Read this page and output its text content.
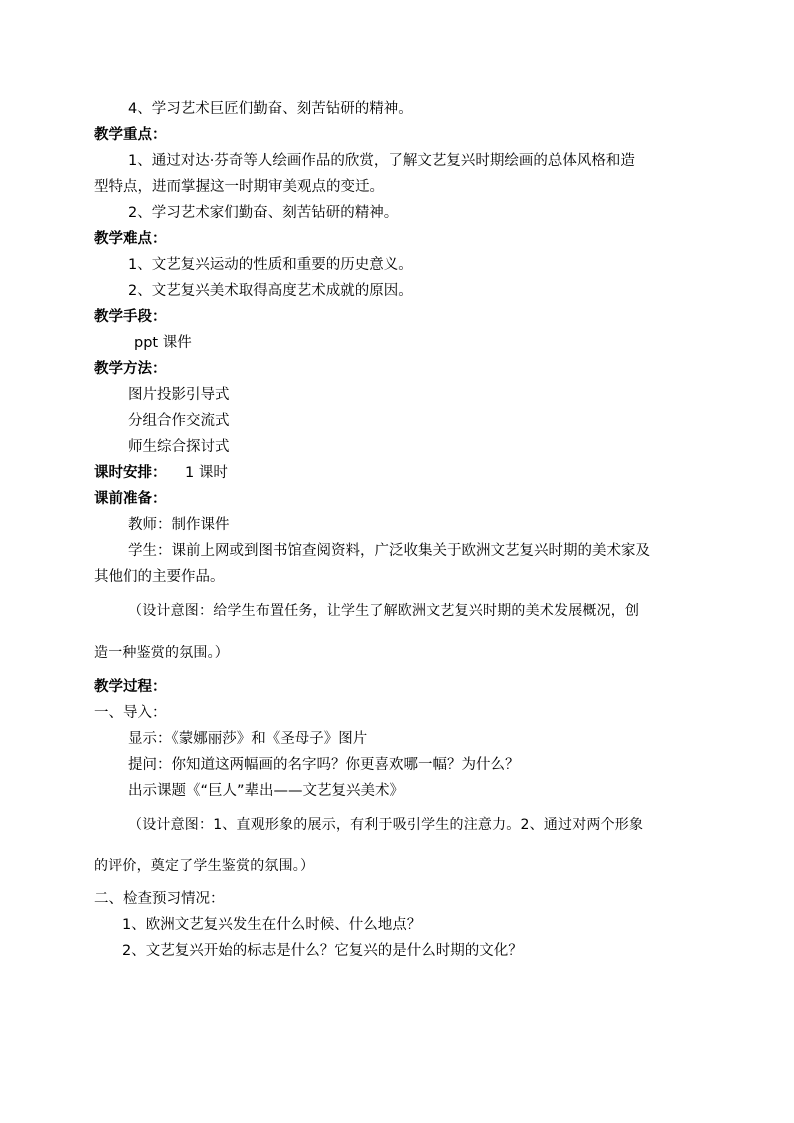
4、学习艺术巨匠们勤奋、刻苦钻研的精神。
教学重点：
1、通过对达·芬奇等人绘画作品的欣赏，了解文艺复兴时期绘画的总体风格和造
型特点，进而掌握这一时期审美观点的变迁。
2、学习艺术家们勤奋、刻苦钻研的精神。
教学难点：
1、文艺复兴运动的性质和重要的历史意义。
2、文艺复兴美术取得高度艺术成就的原因。
教学手段：
ppt 课件
教学方法：
图片投影引导式
分组合作交流式
师生综合探讨式
课时安排： 1 课时
课前准备：
教师：制作课件
学生：课前上网或到图书馆查阅资料，广泛收集关于欧洲文艺复兴时期的美术家及
其他们的主要作品。
（设计意图：给学生布置任务，让学生了解欧洲文艺复兴时期的美术发展概况，创
造一种鉴赏的氛围。）
教学过程：
一、导入：
显示：《蒙娜丽莎》和《圣母子》图片
提问：你知道这两幅画的名字吗？你更喜欢哪一幅？为什么？
出示课题《“巨人”辈出——文艺复兴美术》
（设计意图：1、直观形象的展示，有利于吸引学生的注意力。2、通过对两个形象
的评价，奠定了学生鉴赏的氛围。）
二、检查预习情况：
1、欧洲文艺复兴发生在什么时候、什么地点？
2、文艺复兴开始的标志是什么？它复兴的是什么时期的文化？
